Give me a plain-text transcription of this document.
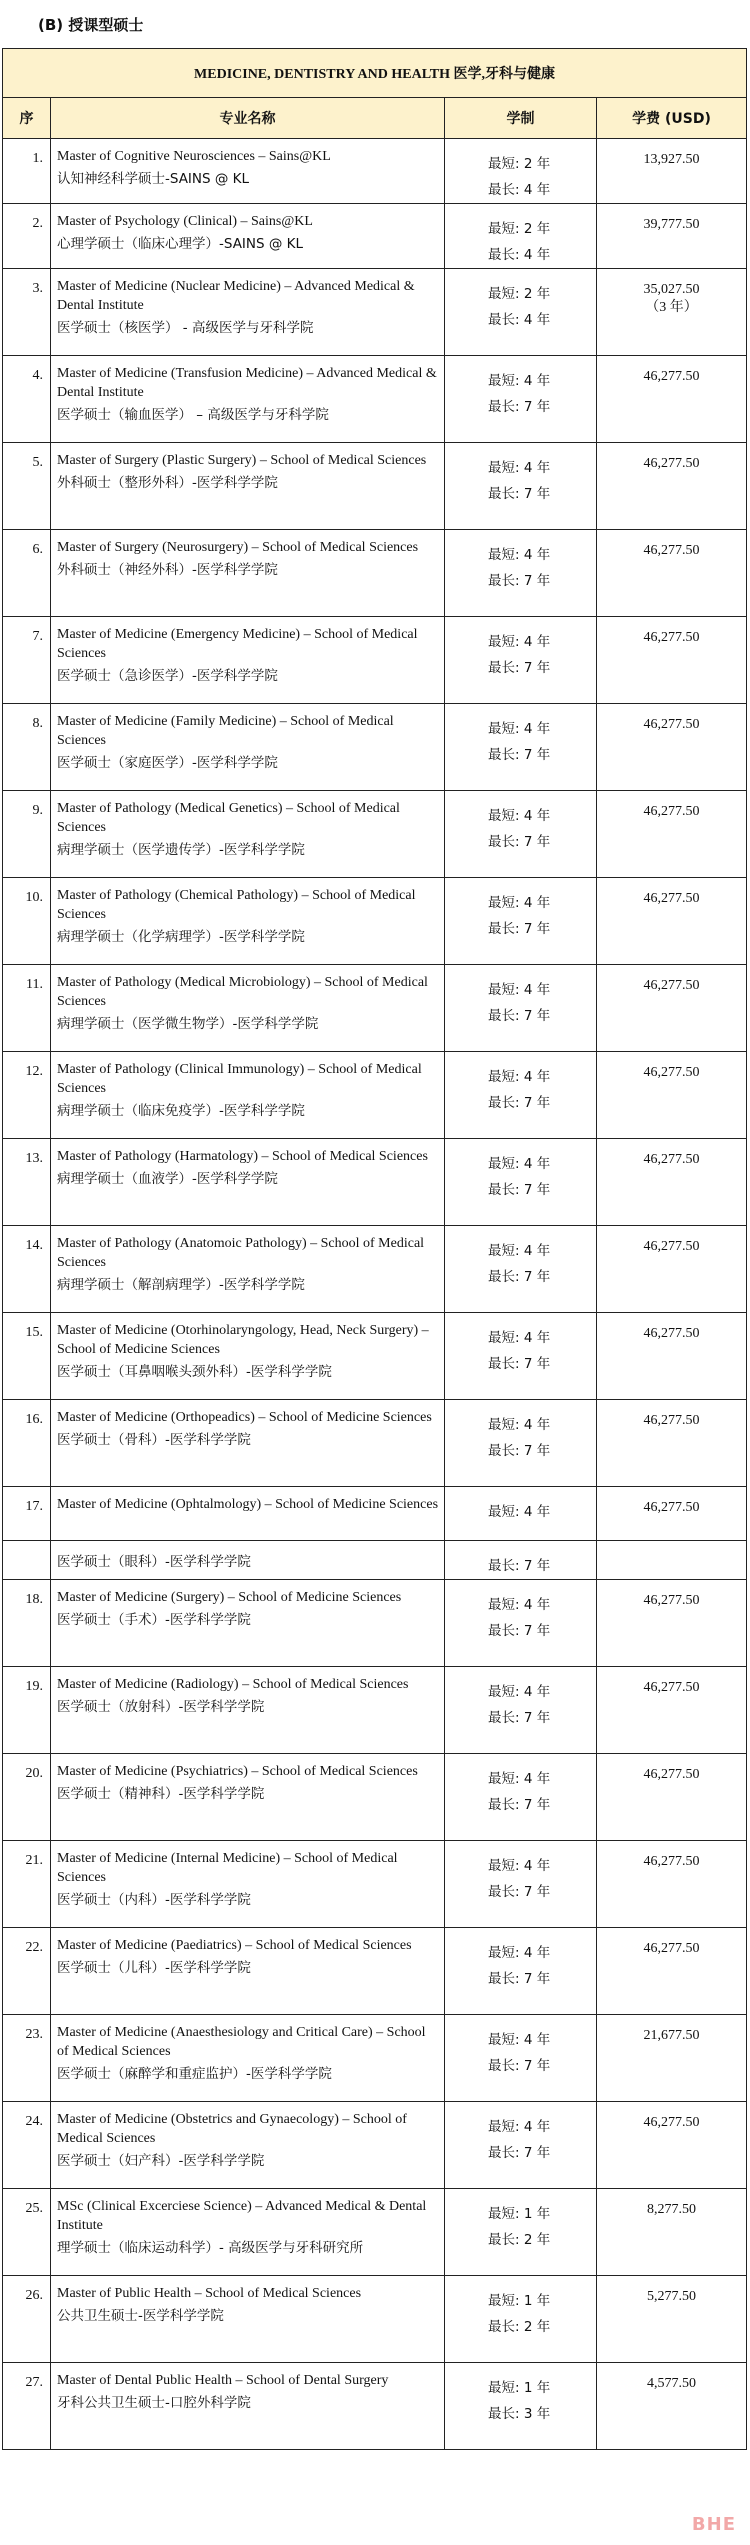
(B) 授课型硕士
MEDICINE, DENTISTRY AND HEALTH 医学,牙科与健康			
序	专业名称	学制	学费 (USD)
1.	Master of Cognitive Neurosciences – Sains@KL
认知神经科学硕士-SAINS @ KL	最短: 2 年
最长: 4 年	13,927.50

2.	Master of Psychology (Clinical) – Sains@KL
心理学硕士（临床心理学）-SAINS @ KL	最短: 2 年
最长: 4 年	39,777.50

3.	Master of Medicine (Nuclear Medicine) – Advanced Medical & Dental Institute
医学硕士（核医学） - 高级医学与牙科学院	最短: 2 年
最长: 4 年	35,027.50
（3 年）

4.	Master of Medicine (Transfusion Medicine) – Advanced Medical & Dental Institute
医学硕士（输血医学） – 高级医学与牙科学院	最短: 4 年
最长: 7 年	46,277.50

5.	Master of Surgery (Plastic Surgery) – School of Medical Sciences
外科硕士（整形外科）-医学科学学院	最短: 4 年
最长: 7 年	46,277.50

6.	Master of Surgery (Neurosurgery) – School of Medical Sciences
外科硕士（神经外科）-医学科学学院	最短: 4 年
最长: 7 年	46,277.50

7.	Master of Medicine (Emergency Medicine) – School of Medical Sciences
医学硕士（急诊医学）-医学科学学院	最短: 4 年
最长: 7 年	46,277.50

8.	Master of Medicine (Family Medicine) – School of Medical Sciences
医学硕士（家庭医学）-医学科学学院	最短: 4 年
最长: 7 年	46,277.50

9.	Master of Pathology (Medical Genetics) – School of Medical Sciences
病理学硕士（医学遗传学）-医学科学学院	最短: 4 年
最长: 7 年	46,277.50

10.	Master of Pathology (Chemical Pathology) – School of Medical Sciences
病理学硕士（化学病理学）-医学科学学院	最短: 4 年
最长: 7 年	46,277.50

11.	Master of Pathology (Medical Microbiology) – School of Medical Sciences
病理学硕士（医学微生物学）-医学科学学院	最短: 4 年
最长: 7 年	46,277.50

12.	Master of Pathology (Clinical Immunology) – School of Medical Sciences
病理学硕士（临床免疫学）-医学科学学院	最短: 4 年
最长: 7 年	46,277.50

13.	Master of Pathology (Harmatology) – School of Medical Sciences
病理学硕士（血液学）-医学科学学院	最短: 4 年
最长: 7 年	46,277.50

14.	Master of Pathology (Anatomoic Pathology) – School of Medical Sciences
病理学硕士（解剖病理学）-医学科学学院	最短: 4 年
最长: 7 年	46,277.50

15.	Master of Medicine (Otorhinolaryngology, Head, Neck Surgery) – School of Medicine Sciences
医学硕士（耳鼻咽喉头颈外科）-医学科学学院	最短: 4 年
最长: 7 年	46,277.50

16.	Master of Medicine (Orthopeadics) – School of Medicine Sciences
医学硕士（骨科）-医学科学学院	最短: 4 年
最长: 7 年	46,277.50

17.	Master of Medicine (Ophtalmology) – School of Medicine Sciences	最短: 4 年	46,277.50

	医学硕士（眼科）-医学科学学院	最长: 7 年	

18.	Master of Medicine (Surgery) – School of Medicine Sciences
医学硕士（手术）-医学科学学院	最短: 4 年
最长: 7 年	46,277.50

19.	Master of Medicine (Radiology) – School of Medical Sciences
医学硕士（放射科）-医学科学学院	最短: 4 年
最长: 7 年	46,277.50

20.	Master of Medicine (Psychiatrics) – School of Medical Sciences
医学硕士（精神科）-医学科学学院	最短: 4 年
最长: 7 年	46,277.50

21.	Master of Medicine (Internal Medicine) – School of Medical Sciences
医学硕士（内科）-医学科学学院	最短: 4 年
最长: 7 年	46,277.50

22.	Master of Medicine (Paediatrics) – School of Medical Sciences
医学硕士（儿科）-医学科学学院	最短: 4 年
最长: 7 年	46,277.50

23.	Master of Medicine (Anaesthesiology and Critical Care) – School of Medical Sciences
医学硕士（麻醉学和重症监护）-医学科学学院	最短: 4 年
最长: 7 年	21,677.50

24.	Master of Medicine (Obstetrics and Gynaecology) – School of Medical Sciences
医学硕士（妇产科）-医学科学学院	最短: 4 年
最长: 7 年	46,277.50

25.	MSc (Clinical Excerciese Science) – Advanced Medical & Dental Institute
理学硕士（临床运动科学）- 高级医学与牙科研究所	最短: 1 年
最长: 2 年	8,277.50

26.	Master of Public Health – School of Medical Sciences
公共卫生硕士-医学科学学院	最短: 1 年
最长: 2 年	5,277.50

27.	Master of Dental Public Health – School of Dental Surgery
牙科公共卫生硕士-口腔外科学院	最短: 1 年
最长: 3 年	4,577.50
BHE
